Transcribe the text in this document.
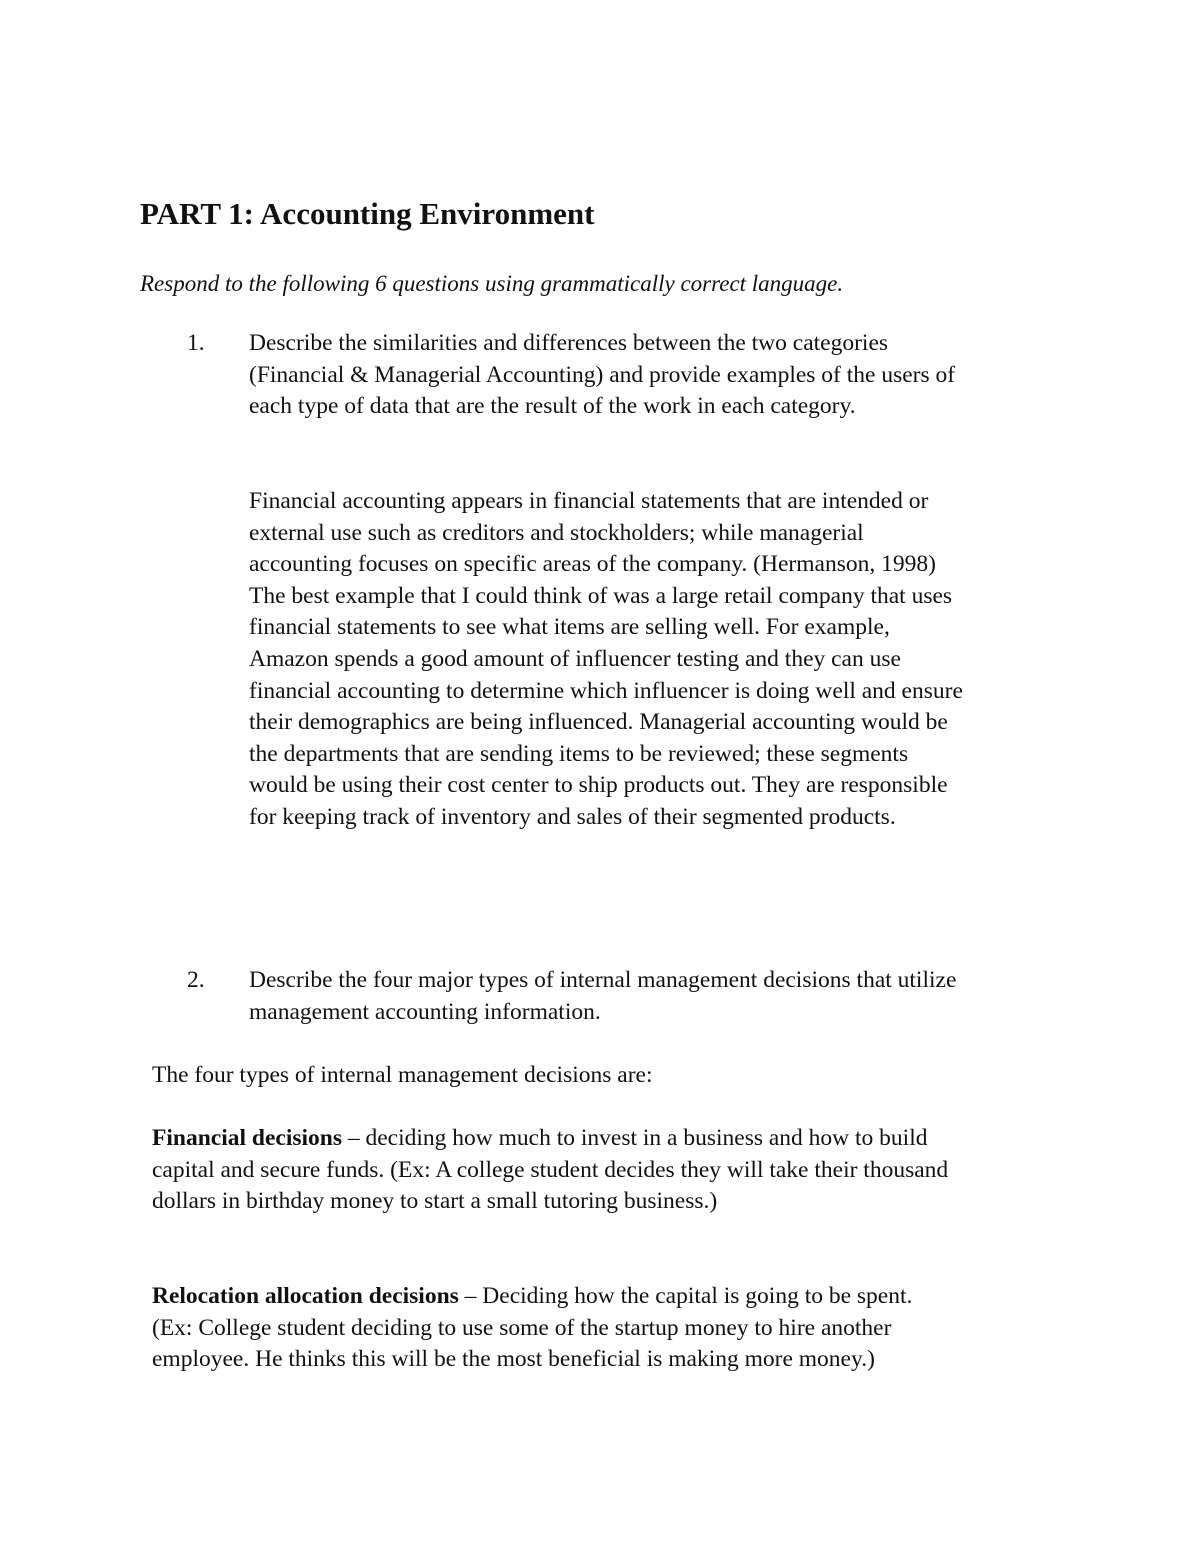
PART 1: Accounting Environment

Respond to the following 6 questions using grammatically correct language.

1. Describe the similarities and differences between the two categories (Financial & Managerial Accounting) and provide examples of the users of each type of data that are the result of the work in each category.

Financial accounting appears in financial statements that are intended or external use such as creditors and stockholders; while managerial accounting focuses on specific areas of the company. (Hermanson, 1998) The best example that I could think of was a large retail company that uses financial statements to see what items are selling well. For example, Amazon spends a good amount of influencer testing and they can use financial accounting to determine which influencer is doing well and ensure their demographics are being influenced. Managerial accounting would be the departments that are sending items to be reviewed; these segments would be using their cost center to ship products out. They are responsible for keeping track of inventory and sales of their segmented products.

2. Describe the four major types of internal management decisions that utilize management accounting information.

The four types of internal management decisions are:

Financial decisions – deciding how much to invest in a business and how to build capital and secure funds. (Ex: A college student decides they will take their thousand dollars in birthday money to start a small tutoring business.)

Relocation allocation decisions – Deciding how the capital is going to be spent. (Ex: College student deciding to use some of the startup money to hire another employee. He thinks this will be the most beneficial is making more money.)
